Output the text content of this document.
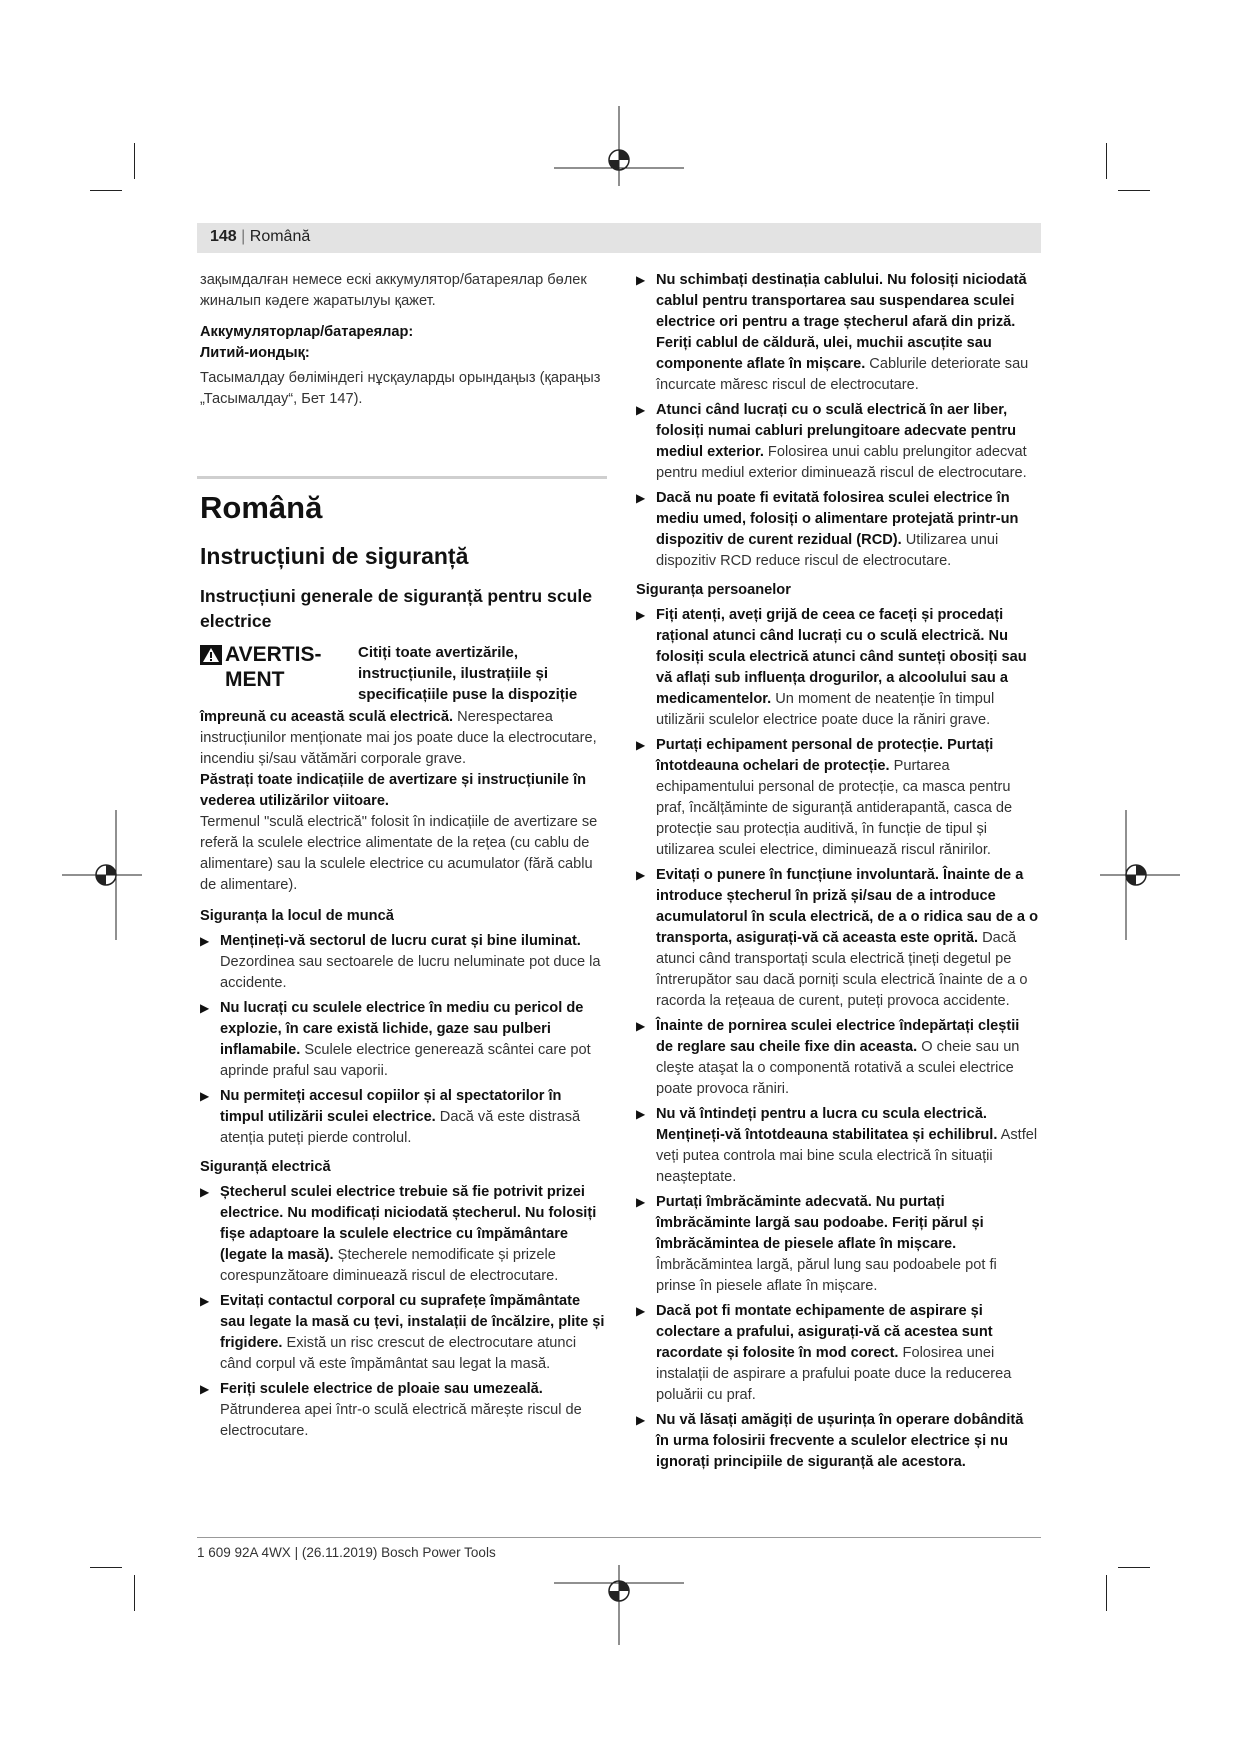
148 | Română

зақымдалған немесе ескі аккумулятор/батареялар бөлек жиналып кәдеге жаратылуы қажет.

Аккумуляторлар/батареялар:

Литий-иондық:

Тасымалдау бөліміндегі нұсқауларды орындаңыз (қараңыз „Тасымалдау“, Бет 147).

Română
Instrucțiuni de siguranță
Instrucțiuni generale de siguranță pentru scule electrice
AVERTIS- MENT
Citiți toate avertizările, instrucțiunile, ilustrațiile și specificațiile puse la dispoziție

împreună cu această sculă electrică. Nerespectarea instrucțiunilor menționate mai jos poate duce la electrocutare, incendiu și/sau vătămări corporale grave.

Păstrați toate indicațiile de avertizare și instrucțiunile în vederea utilizărilor viitoare.

Termenul "sculă electrică" folosit în indicațiile de avertizare se referă la sculele electrice alimentate de la rețea (cu cablu de alimentare) sau la sculele electrice cu acumulator (fără cablu de alimentare).

Siguranța la locul de muncă

▶ Mențineți-vă sectorul de lucru curat și bine iluminat. Dezordinea sau sectoarele de lucru neluminate pot duce la accidente.
▶ Nu lucrați cu sculele electrice în mediu cu pericol de explozie, în care există lichide, gaze sau pulberi inflamabile. Sculele electrice generează scântei care pot aprinde praful sau vaporii.
▶ Nu permiteți accesul copiilor și al spectatorilor în timpul utilizării sculei electrice. Dacă vă este distrasă atenția puteți pierde controlul.

Siguranță electrică

▶ Ștecherul sculei electrice trebuie să fie potrivit prizei electrice. Nu modificați niciodată ștecherul. Nu folosiți fișe adaptoare la sculele electrice cu împământare (legate la masă). Ștecherele nemodificate și prizele corespunzătoare diminuează riscul de electrocutare.
▶ Evitați contactul corporal cu suprafețe împământate sau legate la masă cu țevi, instalații de încălzire, plite și frigidere. Există un risc crescut de electrocutare atunci când corpul vă este împământat sau legat la masă.
▶ Feriți sculele electrice de ploaie sau umezeală. Pătrunderea apei într-o sculă electrică mărește riscul de electrocutare.
▶ Nu schimbați destinația cablului. Nu folosiți niciodată cablul pentru transportarea sau suspendarea sculei electrice ori pentru a trage ștecherul afară din priză. Feriți cablul de căldură, ulei, muchii ascuțite sau componente aflate în mișcare. Cablurile deteriorate sau încurcate măresc riscul de electrocutare.
▶ Atunci când lucrați cu o sculă electrică în aer liber, folosiți numai cabluri prelungitoare adecvate pentru mediul exterior. Folosirea unui cablu prelungitor adecvat pentru mediul exterior diminuează riscul de electrocutare.
▶ Dacă nu poate fi evitată folosirea sculei electrice în mediu umed, folosiți o alimentare protejată printr-un dispozitiv de curent rezidual (RCD). Utilizarea unui dispozitiv RCD reduce riscul de electrocutare.

Siguranța persoanelor

▶ Fiți atenți, aveți grijă de ceea ce faceți și procedați rațional atunci când lucrați cu o sculă electrică. Nu folosiți scula electrică atunci când sunteți obosiți sau vă aflați sub influența drogurilor, a alcoolului sau a medicamentelor. Un moment de neatenție în timpul utilizării sculelor electrice poate duce la răniri grave.
▶ Purtați echipament personal de protecție. Purtați întotdeauna ochelari de protecție. Purtarea echipamentului personal de protecție, ca masca pentru praf, încălțăminte de siguranță antiderapantă, casca de protecție sau protecția auditivă, în funcție de tipul și utilizarea sculei electrice, diminuează riscul rănirilor.
▶ Evitați o punere în funcțiune involuntară. Înainte de a introduce ștecherul în priză și/sau de a introduce acumulatorul în scula electrică, de a o ridica sau de a o transporta, asigurați-vă că aceasta este oprită. Dacă atunci când transportați scula electrică țineți degetul pe întrerupător sau dacă porniți scula electrică înainte de a o racorda la rețeaua de curent, puteți provoca accidente.
▶ Înainte de pornirea sculei electrice îndepărtați cleștii de reglare sau cheile fixe din aceasta. O cheie sau un cleşte ataşat la o componentă rotativă a sculei electrice poate provoca răniri.
▶ Nu vă întindeți pentru a lucra cu scula electrică. Mențineți-vă întotdeauna stabilitatea și echilibrul. Astfel veți putea controla mai bine scula electrică în situații neașteptate.
▶ Purtați îmbrăcăminte adecvată. Nu purtați îmbrăcăminte largă sau podoabe. Feriți părul și îmbrăcămintea de piesele aflate în mișcare. Îmbrăcămintea largă, părul lung sau podoabele pot fi prinse în piesele aflate în mișcare.
▶ Dacă pot fi montate echipamente de aspirare și colectare a prafului, asigurați-vă că acestea sunt racordate și folosite în mod corect. Folosirea unei instalații de aspirare a prafului poate duce la reducerea poluării cu praf.
▶ Nu vă lăsați amăgiți de ușurința în operare dobândită în urma folosirii frecvente a sculelor electrice și nu ignorați principiile de siguranță ale acestora.
1 609 92A 4WX | (26.11.2019) Bosch Power Tools
